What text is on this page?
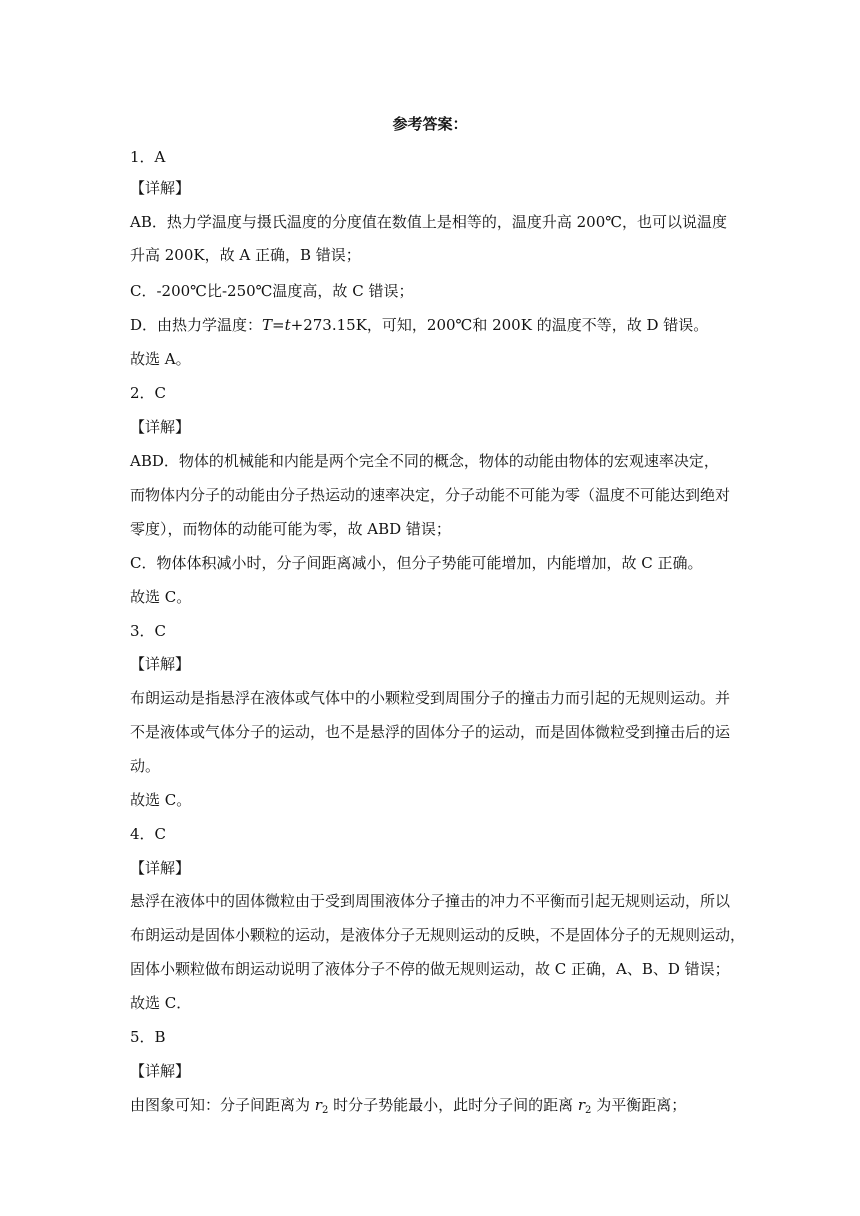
参考答案：
1．A
【详解】
AB．热力学温度与摄氏温度的分度值在数值上是相等的，温度升高 200℃，也可以说温度
升高 200K，故 A 正确，B 错误；
C．-200℃比-250℃温度高，故 C 错误；
D．由热力学温度：T=t+273.15K，可知，200℃和 200K 的温度不等，故 D 错误。
故选 A。
2．C
【详解】
ABD．物体的机械能和内能是两个完全不同的概念，物体的动能由物体的宏观速率决定，
而物体内分子的动能由分子热运动的速率决定，分子动能不可能为零（温度不可能达到绝对
零度），而物体的动能可能为零，故 ABD 错误；
C．物体体积减小时，分子间距离减小，但分子势能可能增加，内能增加，故 C 正确。
故选 C。
3．C
【详解】
布朗运动是指悬浮在液体或气体中的小颗粒受到周围分子的撞击力而引起的无规则运动。并
不是液体或气体分子的运动，也不是悬浮的固体分子的运动，而是固体微粒受到撞击后的运
动。
故选 C。
4．C
【详解】
悬浮在液体中的固体微粒由于受到周围液体分子撞击的冲力不平衡而引起无规则运动，所以
布朗运动是固体小颗粒的运动，是液体分子无规则运动的反映，不是固体分子的无规则运动，
固体小颗粒做布朗运动说明了液体分子不停的做无规则运动，故 C 正确，A、B、D 错误；
故选 C．
5．B
【详解】
由图象可知：分子间距离为 $r_2$ 时分子势能最小，此时分子间的距离 $r_2$ 为平衡距离；
